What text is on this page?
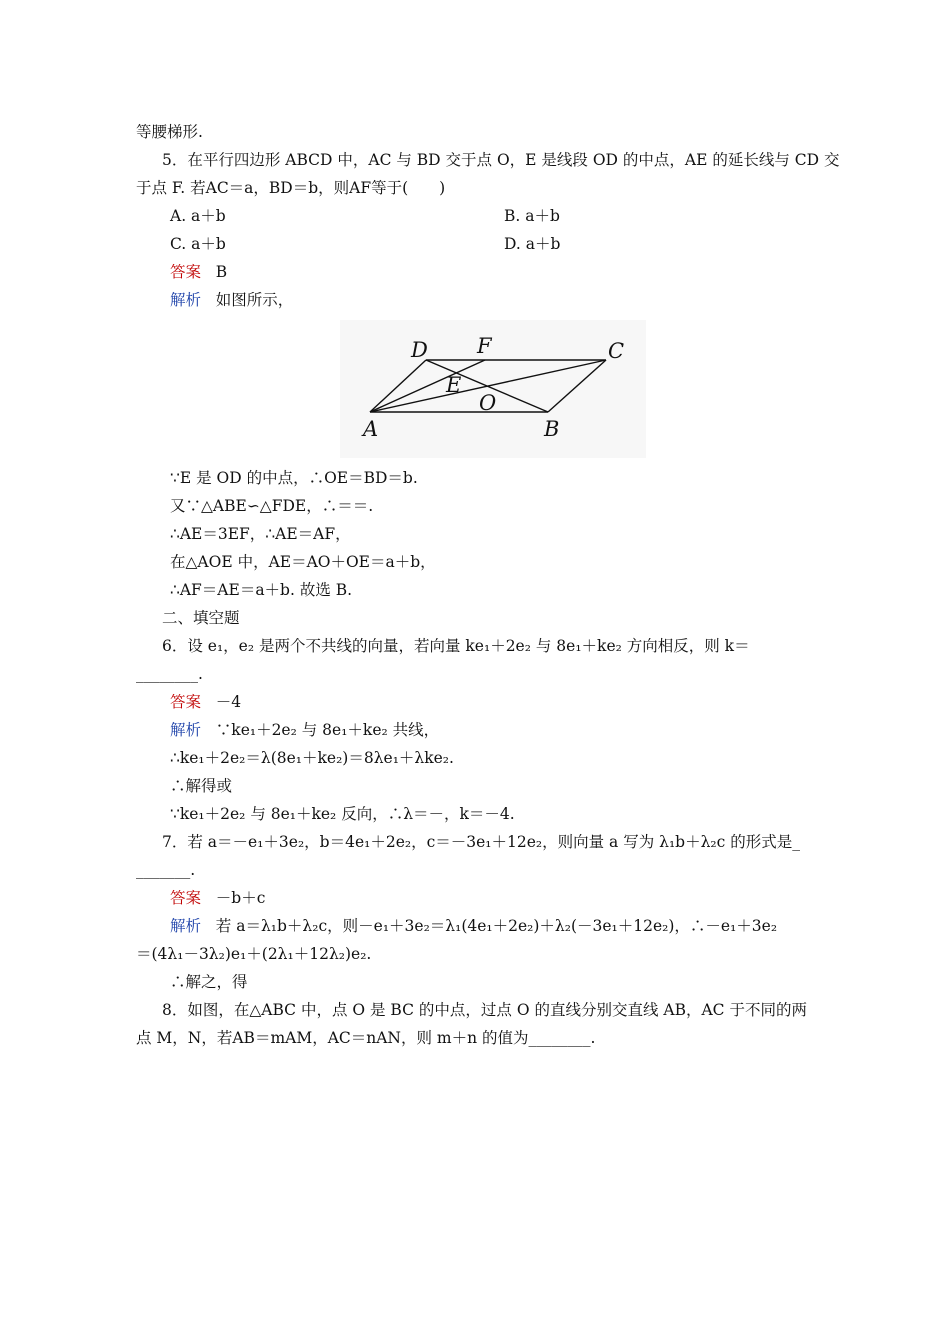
等腰梯形.
5．在平行四边形 ABCD 中，AC 与 BD 交于点 O，E 是线段 OD 的中点，AE 的延长线与 CD 交
于点 F. 若AC＝a，BD＝b，则AF等于(　　)
A. a＋b	B. a＋b
C. a＋b	D. a＋b
答案 B
解析 如图所示，
D F	C
E
O
A	B
∵E 是 OD 的中点，∴OE＝BD＝b.
又∵△ABE∽△FDE，∴＝＝.
∴AE＝3EF，∴AE＝AF，
在△AOE 中，AE＝AO＋OE＝a＋b，
∴AF＝AE＝a＋b. 故选 B.
二、填空题
6．设 e₁，e₂ 是两个不共线的向量，若向量 ke₁＋2e₂ 与 8e₁＋ke₂ 方向相反，则 k＝
________.
答案 －4
解析 ∵ke₁＋2e₂ 与 8e₁＋ke₂ 共线，
∴ke₁＋2e₂＝λ(8e₁＋ke₂)＝8λe₁＋λke₂.
∴解得或
∵ke₁＋2e₂ 与 8e₁＋ke₂ 反向，∴λ＝－，k＝－4.
7．若 a＝－e₁＋3e₂，b＝4e₁＋2e₂，c＝－3e₁＋12e₂，则向量 a 写为 λ₁b＋λ₂c 的形式是_
_______.
答案 －b＋c
解析 若 a＝λ₁b＋λ₂c，则－e₁＋3e₂＝λ₁(4e₁＋2e₂)＋λ₂(－3e₁＋12e₂)，∴－e₁＋3e₂
＝(4λ₁－3λ₂)e₁＋(2λ₁＋12λ₂)e₂.
∴解之，得
8．如图，在△ABC 中，点 O 是 BC 的中点，过点 O 的直线分别交直线 AB，AC 于不同的两
点 M，N，若AB＝mAM，AC＝nAN，则 m＋n 的值为________.
